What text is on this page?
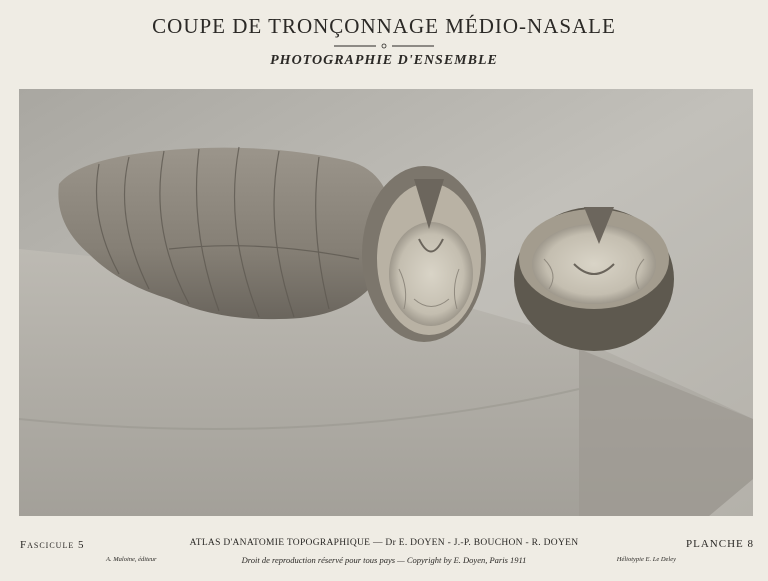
COUPE DE TRONÇONNAGE MÉDIO-NASALE
PHOTOGRAPHIE D'ENSEMBLE
Fascicule 5	ATLAS D'ANATOMIE TOPOGRAPHIQUE — Dr E. DOYEN - J.-P. BOUCHON - R. DOYEN	PLANCHE 8
A. Maloine, éditeur	Droit de reproduction réservé pour tous pays — Copyright by E. Doyen, Paris 1911	Héliotypie E. Le Deley
